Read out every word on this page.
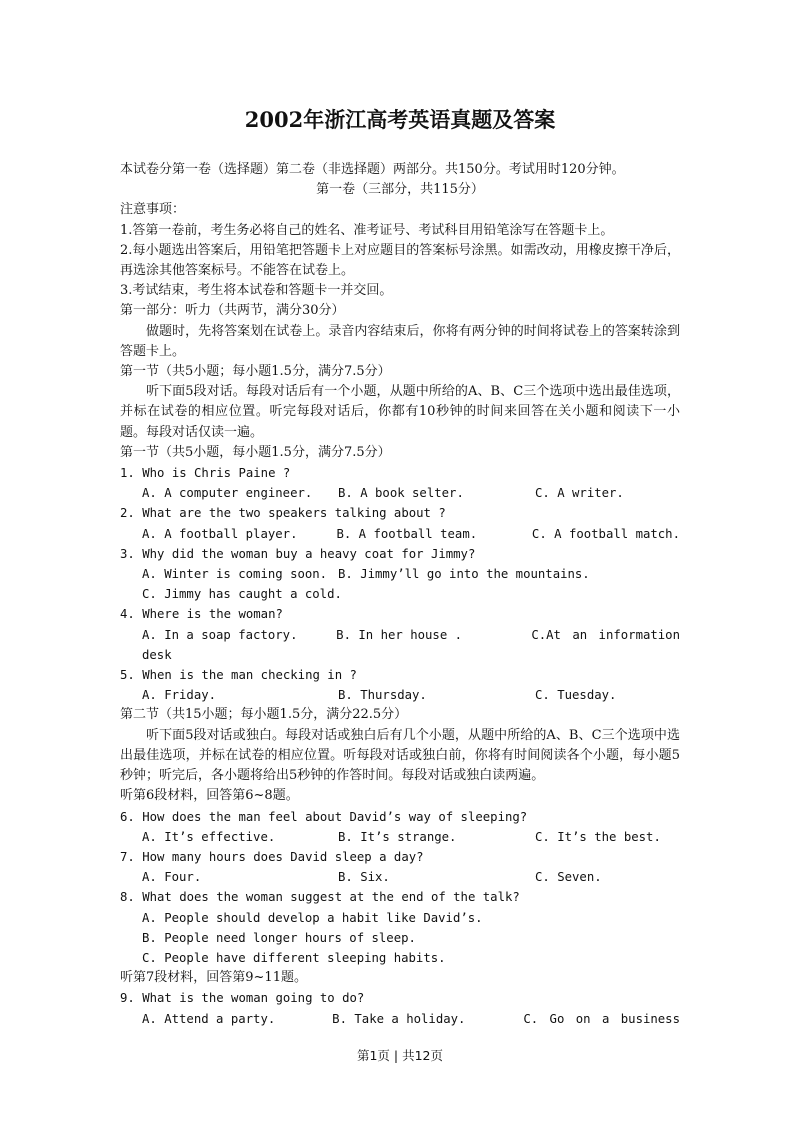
2002年浙江高考英语真题及答案
本试卷分第一卷（选择题）第二卷（非选择题）两部分。共150分。考试用时120分钟。
第一卷（三部分，共115分）
注意事项：
1.答第一卷前，考生务必将自己的姓名、准考证号、考试科目用铅笔涂写在答题卡上。
2.每小题选出答案后，用铅笔把答题卡上对应题目的答案标号涂黑。如需改动，用橡皮擦干净后，再选涂其他答案标号。不能答在试卷上。
3.考试结束，考生将本试卷和答题卡一并交回。
第一部分：听力（共两节，满分30分）
做题时，先将答案划在试卷上。录音内容结束后，你将有两分钟的时间将试卷上的答案转涂到答题卡上。
第一节（共5小题；每小题1.5分，满分7.5分）
听下面5段对话。每段对话后有一个小题，从题中所给的A、B、C三个选项中选出最佳选项，并标在试卷的相应位置。听完每段对话后，你都有10秒钟的时间来回答在关小题和阅读下一小题。每段对话仅读一遍。
第一节（共5小题，每小题1.5分，满分7.5分）
1. Who is Chris Paine ?
A. A computer engineer.	B. A book selter.	C. A writer.
2. What are the two speakers talking about ?
A. A football player.	B. A football team.	C. A football match.
3. Why did the woman buy a heavy coat for Jimmy?
A. Winter is coming soon. B. Jimmy’ll go into the mountains.
C. Jimmy has caught a cold.
4. Where is the woman?
A. In a soap factory.	B. In her house .	C.At an information
desk
5. When is the man checking in ?
A. Friday.	B. Thursday.	C. Tuesday.
第二节（共15小题；每小题1.5分，满分22.5分）
听下面5段对话或独白。每段对话或独白后有几个小题，从题中所给的A、B、C三个选项中选出最佳选项，并标在试卷的相应位置。听每段对话或独白前，你将有时间阅读各个小题，每小题5秒钟；听完后，各小题将给出5秒钟的作答时间。每段对话或独白读两遍。
听第6段材料，回答第6~8题。
6. How does the man feel about David’s way of sleeping?
A. It’s effective.	B. It’s strange.	C. It’s the best.
7. How many hours does David sleep a day?
A. Four.	B. Six.	C. Seven.
8. What does the woman suggest at the end of the talk?
A. People should develop a habit like David’s.
B. People need longer hours of sleep.
C. People have different sleeping habits.
听第7段材料，回答第9~11题。
9. What is the woman going to do?
A. Attend a party.	B. Take a holiday.	C. Go on a business
第1页 | 共12页
